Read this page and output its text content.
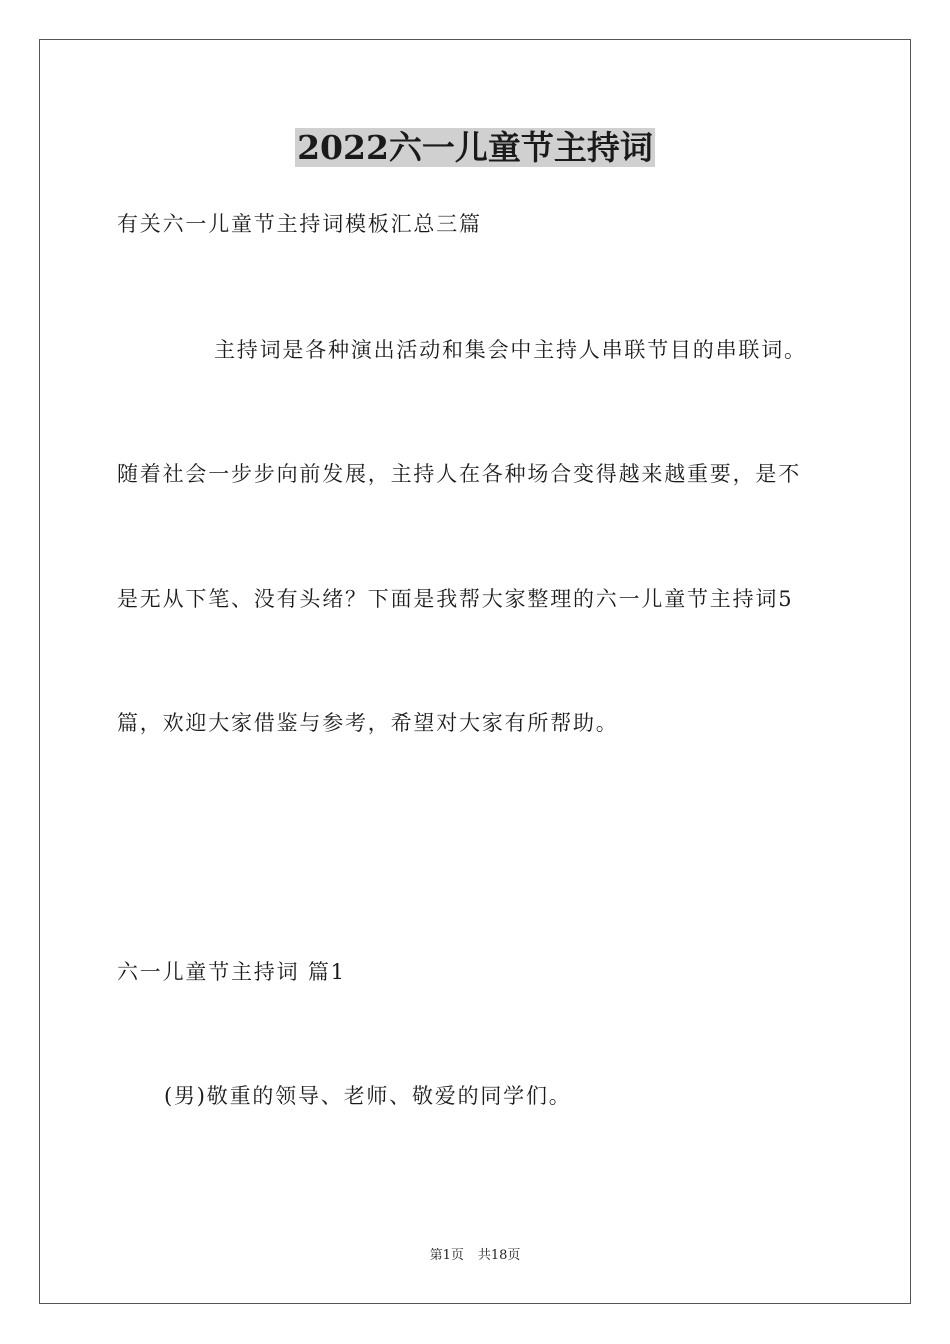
2022六一儿童节主持词
有关六一儿童节主持词模板汇总三篇
主持词是各种演出活动和集会中主持人串联节目的串联词。
随着社会一步步向前发展，主持人在各种场合变得越来越重要，是不
是无从下笔、没有头绪？下面是我帮大家整理的六一儿童节主持词5
篇，欢迎大家借鉴与参考，希望对大家有所帮助。
六一儿童节主持词 篇1
(男)敬重的领导、老师、敬爱的同学们。
第1页 共18页
